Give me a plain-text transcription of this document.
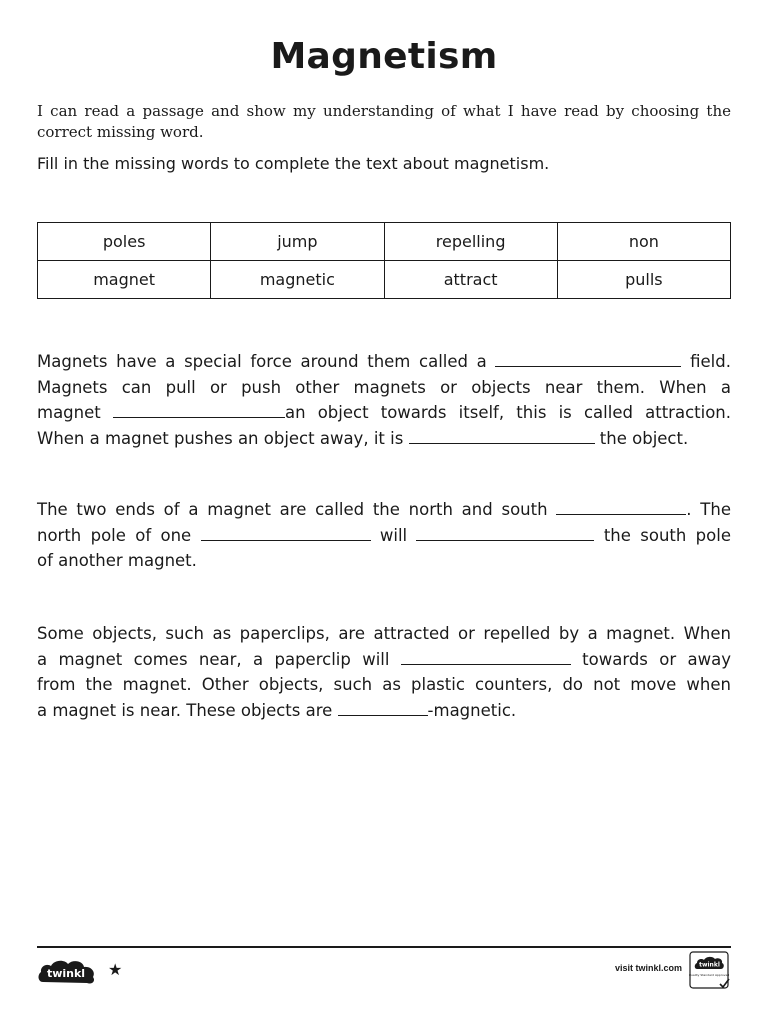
Magnetism
I can read a passage and show my understanding of what I have read by choosing the correct missing word.
Fill in the missing words to complete the text about magnetism.
poles	jump	repelling	non
magnet	magnetic	attract	pulls
Magnets have a special force around them called a	field.
Magnets can pull or push other magnets or objects near them. When a
magnet	an object towards itself, this is called attraction.
When a magnet pushes an object away, it is	the object.
The two ends of a magnet are called the north and south	. The
north pole of one	will	the south pole
of another magnet.
Some objects, such as paperclips, are attracted or repelled by a magnet. When
a magnet comes near, a paperclip will	towards or away
from the magnet. Other objects, such as plastic counters, do not move when
a magnet is near. These objects are	-magnetic.
twinkl ★	visit twinkl.com	twinkl
Quality Standard Approved
